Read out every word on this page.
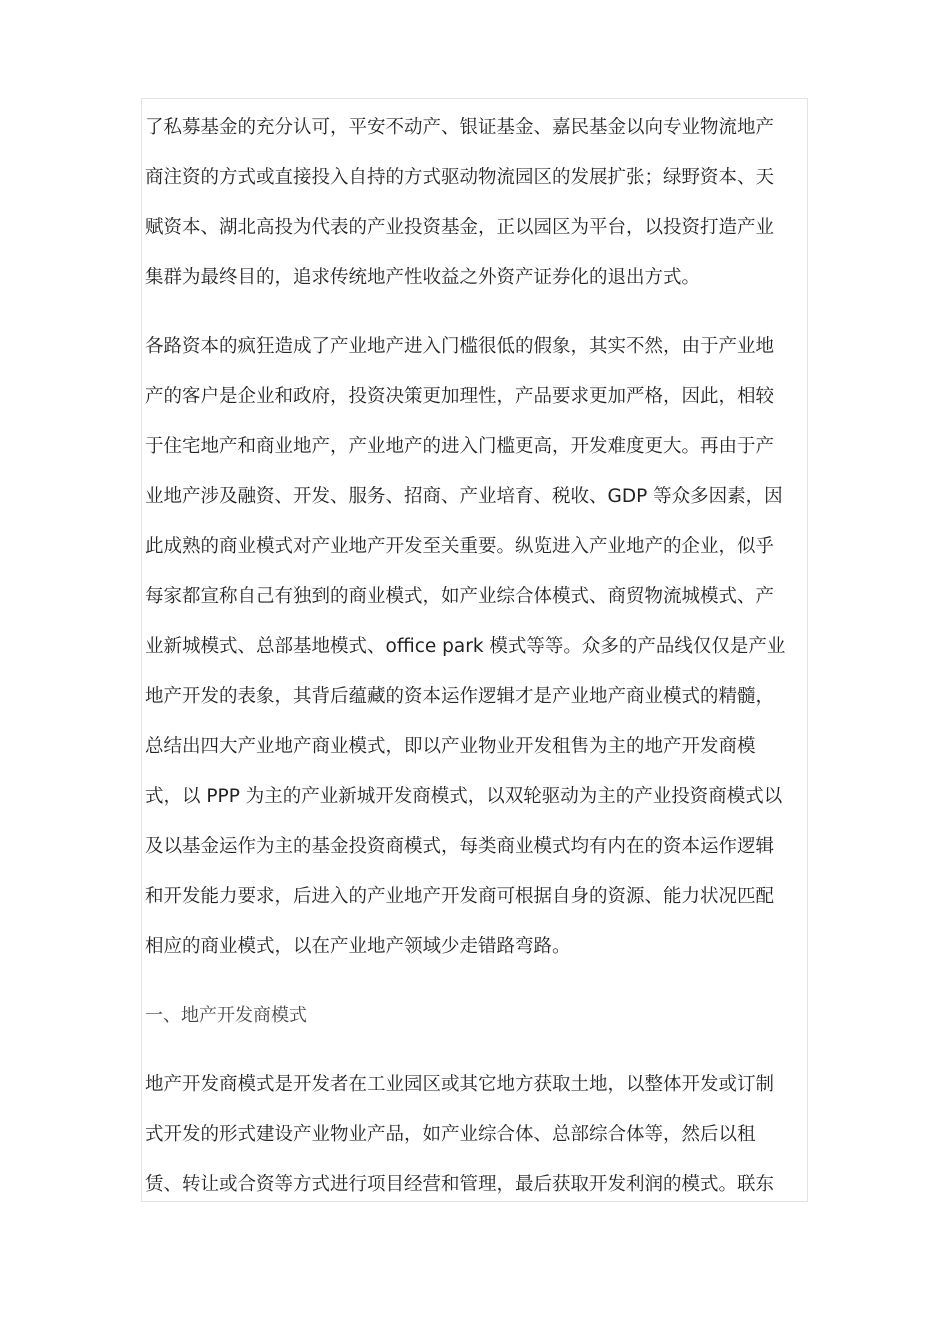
了私募基金的充分认可，平安不动产、银证基金、嘉民基金以向专业物流地产
商注资的方式或直接投入自持的方式驱动物流园区的发展扩张；绿野资本、天
赋资本、湖北高投为代表的产业投资基金，正以园区为平台，以投资打造产业
集群为最终目的，追求传统地产性收益之外资产证券化的退出方式。
各路资本的疯狂造成了产业地产进入门槛很低的假象，其实不然，由于产业地
产的客户是企业和政府，投资决策更加理性，产品要求更加严格，因此，相较
于住宅地产和商业地产，产业地产的进入门槛更高，开发难度更大。再由于产
业地产涉及融资、开发、服务、招商、产业培育、税收、GDP 等众多因素，因
此成熟的商业模式对产业地产开发至关重要。纵览进入产业地产的企业，似乎
每家都宣称自己有独到的商业模式，如产业综合体模式、商贸物流城模式、产
业新城模式、总部基地模式、office park 模式等等。众多的产品线仅仅是产业
地产开发的表象，其背后蕴藏的资本运作逻辑才是产业地产商业模式的精髓，
总结出四大产业地产商业模式，即以产业物业开发租售为主的地产开发商模
式，以 PPP 为主的产业新城开发商模式，以双轮驱动为主的产业投资商模式以
及以基金运作为主的基金投资商模式，每类商业模式均有内在的资本运作逻辑
和开发能力要求，后进入的产业地产开发商可根据自身的资源、能力状况匹配
相应的商业模式，以在产业地产领域少走错路弯路。
一、地产开发商模式
地产开发商模式是开发者在工业园区或其它地方获取土地，以整体开发或订制
式开发的形式建设产业物业产品，如产业综合体、总部综合体等，然后以租
赁、转让或合资等方式进行项目经营和管理，最后获取开发利润的模式。联东
